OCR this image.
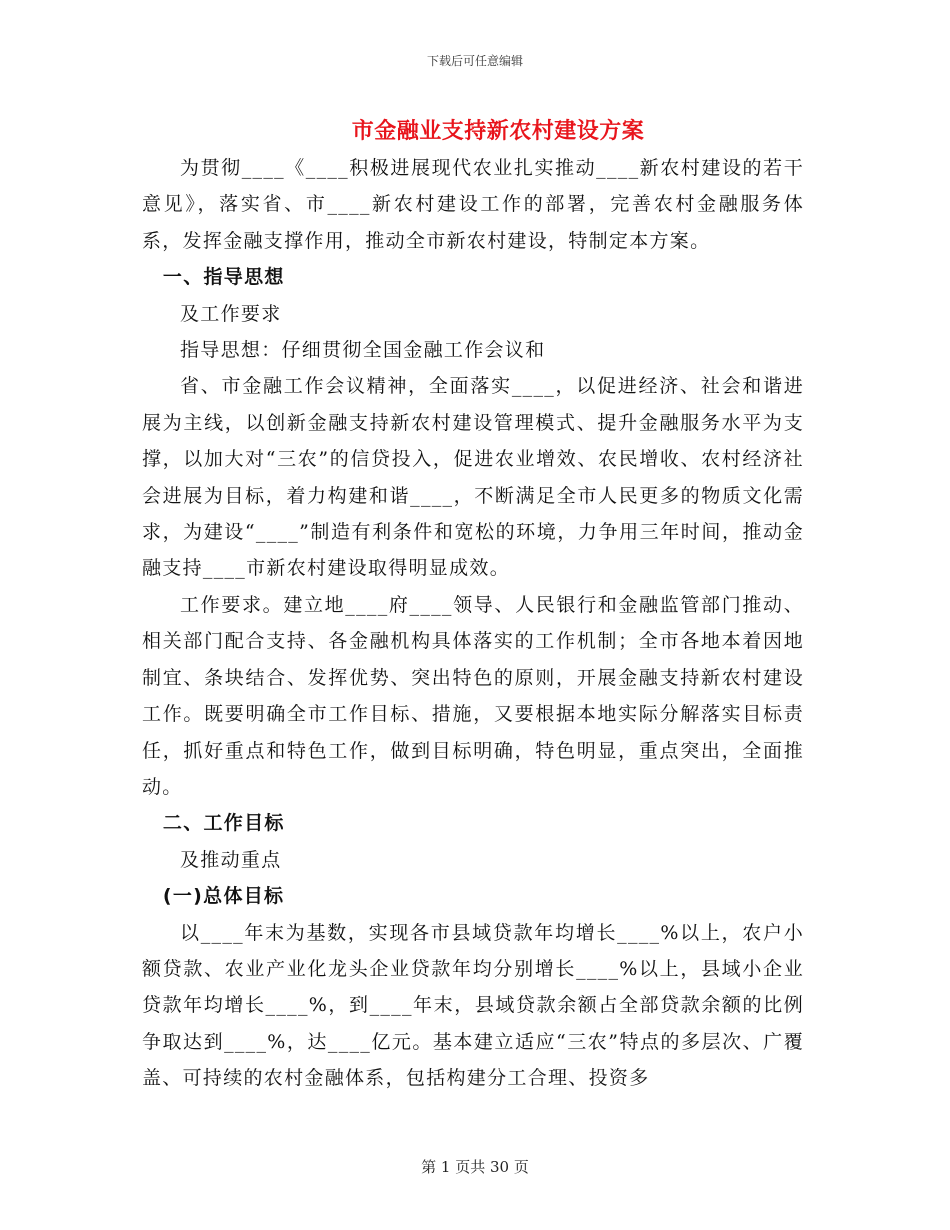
下载后可任意编辑
市金融业支持新农村建设方案

为贯彻____《____积极进展现代农业扎实推动____新农村建设的若干意见》，落实省、市____新农村建设工作的部署，完善农村金融服务体系，发挥金融支撑作用，推动全市新农村建设，特制定本方案。

一、指导思想

及工作要求

指导思想：仔细贯彻全国金融工作会议和

省、市金融工作会议精神，全面落实____，以促进经济、社会和谐进展为主线，以创新金融支持新农村建设管理模式、提升金融服务水平为支撑，以加大对“三农”的信贷投入，促进农业增效、农民增收、农村经济社会进展为目标，着力构建和谐____，不断满足全市人民更多的物质文化需求，为建设“____”制造有利条件和宽松的环境，力争用三年时间，推动金融支持____市新农村建设取得明显成效。

工作要求。建立地____府____领导、人民银行和金融监管部门推动、相关部门配合支持、各金融机构具体落实的工作机制；全市各地本着因地制宜、条块结合、发挥优势、突出特色的原则，开展金融支持新农村建设工作。既要明确全市工作目标、措施，又要根据本地实际分解落实目标责任，抓好重点和特色工作，做到目标明确，特色明显，重点突出，全面推动。

二、工作目标

及推动重点

(一)总体目标

以____年末为基数，实现各市县域贷款年均增长____%以上，农户小额贷款、农业产业化龙头企业贷款年均分别增长____%以上，县域小企业贷款年均增长____%，到____年末，县域贷款余额占全部贷款余额的比例争取达到____%，达____亿元。基本建立适应“三农”特点的多层次、广覆盖、可持续的农村金融体系，包括构建分工合理、投资多

第 1 页共 30 页
